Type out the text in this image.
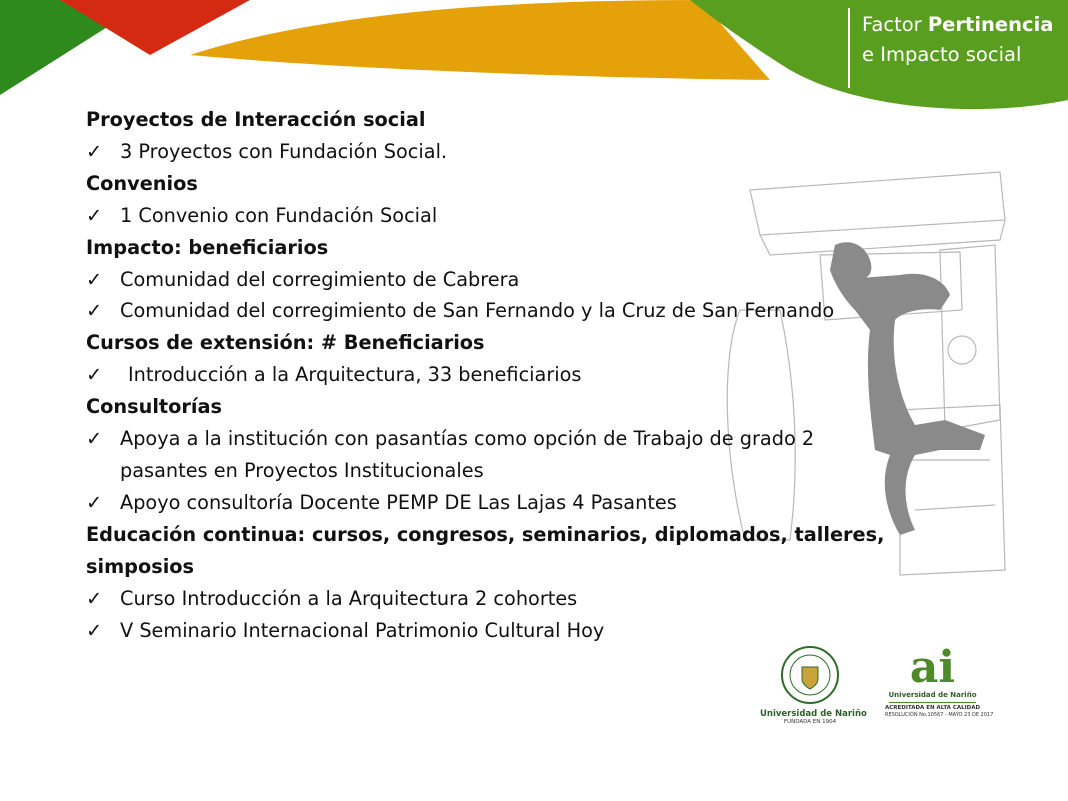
Factor Pertinencia
e Impacto social
Proyectos de Interacción social
✓ 3 Proyectos con Fundación Social.
Convenios
✓ 1 Convenio con Fundación Social
Impacto: beneficiarios
✓ Comunidad del corregimiento de Cabrera
✓ Comunidad del corregimiento de San Fernando y la Cruz de San Fernando
Cursos de extensión: # Beneficiarios
✓ Introducción a la Arquitectura, 33 beneficiarios
Consultorías
✓ Apoya a la institución con pasantías como opción de Trabajo de grado 2 pasantes en Proyectos Institucionales
✓ Apoyo consultoría Docente PEMP DE Las Lajas 4 Pasantes
Educación continua: cursos, congresos, seminarios, diplomados, talleres, simposios
✓ Curso Introducción a la Arquitectura 2 cohortes
✓ V Seminario Internacional Patrimonio Cultural Hoy
Universidad de Nariño
FUNDADA EN 1904
ai
Universidad de Nariño
ACREDITADA EN ALTA CALIDAD
RESOLUCIÓN No.10567 - MAYO 23 DE 2017
